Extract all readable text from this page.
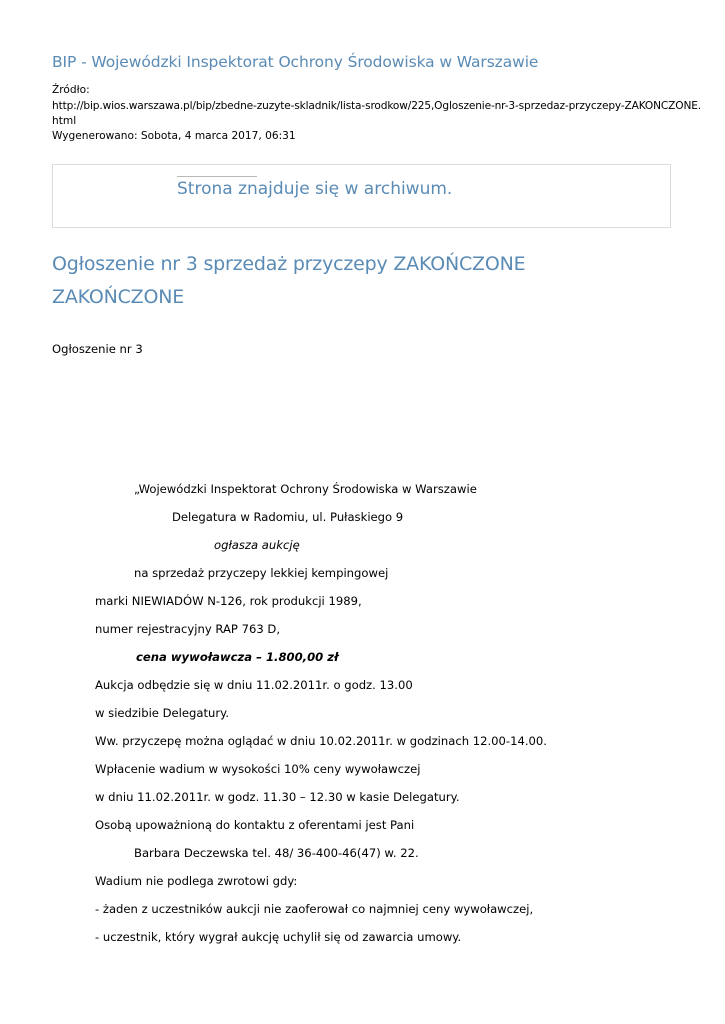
BIP - Wojewódzki Inspektorat Ochrony Środowiska w Warszawie
Źródło:
http://bip.wios.warszawa.pl/bip/zbedne-zuzyte-skladnik/lista-srodkow/225,Ogloszenie-nr-3-sprzedaz-przyczepy-ZAKONCZONE.
html
Wygenerowano: Sobota, 4 marca 2017, 06:31
Strona znajduje się w archiwum.
Ogłoszenie nr 3 sprzedaż przyczepy ZAKOŃCZONE
ZAKOŃCZONE
Ogłoszenie nr 3
„Wojewódzki Inspektorat Ochrony Środowiska w Warszawie
Delegatura w Radomiu, ul. Pułaskiego 9
ogłasza aukcję
na sprzedaż przyczepy lekkiej kempingowej
marki NIEWIADÓW N-126, rok produkcji 1989,
numer rejestracyjny RAP 763 D,
cena wywoławcza – 1.800,00 zł
Aukcja odbędzie się w dniu 11.02.2011r. o godz. 13.00
w siedzibie Delegatury.
Ww. przyczepę można oglądać w dniu 10.02.2011r. w godzinach 12.00-14.00.
Wpłacenie wadium w wysokości 10% ceny wywoławczej
w dniu 11.02.2011r. w godz. 11.30 – 12.30 w kasie Delegatury.
Osobą upoważnioną do kontaktu z oferentami jest Pani
Barbara Deczewska tel. 48/ 36-400-46(47) w. 22.
Wadium nie podlega zwrotowi gdy:
- żaden z uczestników aukcji nie zaoferował co najmniej ceny wywoławczej,
- uczestnik, który wygrał aukcję uchylił się od zawarcia umowy.
